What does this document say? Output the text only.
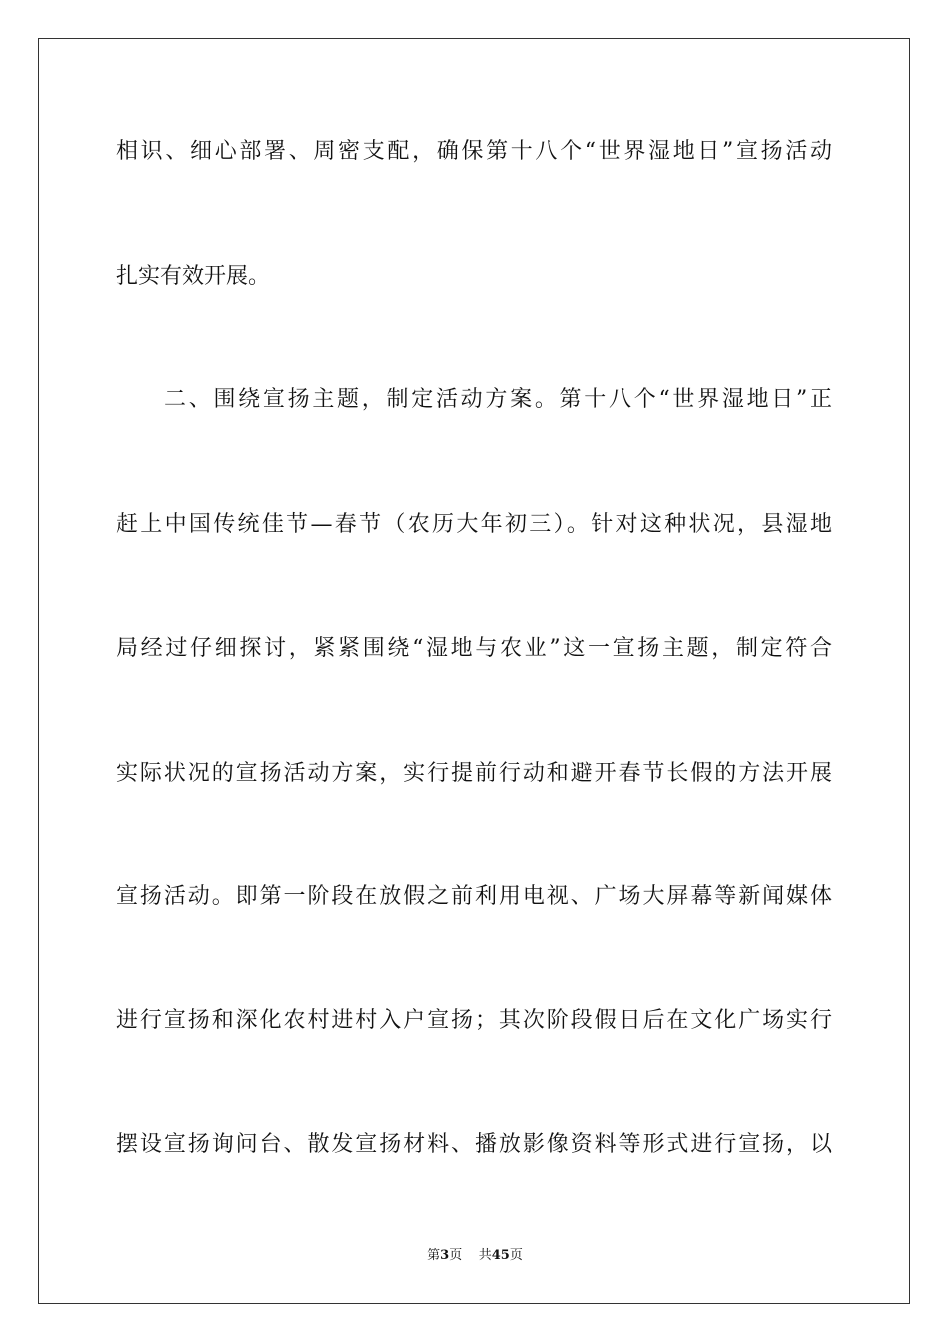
相识、细心部署、周密支配，确保第十八个“世界湿地日”宣扬活动
扎实有效开展。
二、围绕宣扬主题，制定活动方案。第十八个“世界湿地日”正
赶上中国传统佳节—春节（农历大年初三）。针对这种状况，县湿地
局经过仔细探讨，紧紧围绕“湿地与农业”这一宣扬主题，制定符合
实际状况的宣扬活动方案，实行提前行动和避开春节长假的方法开展
宣扬活动。即第一阶段在放假之前利用电视、广场大屏幕等新闻媒体
进行宣扬和深化农村进村入户宣扬；其次阶段假日后在文化广场实行
摆设宣扬询问台、散发宣扬材料、播放影像资料等形式进行宣扬，以
第3页 共45页
